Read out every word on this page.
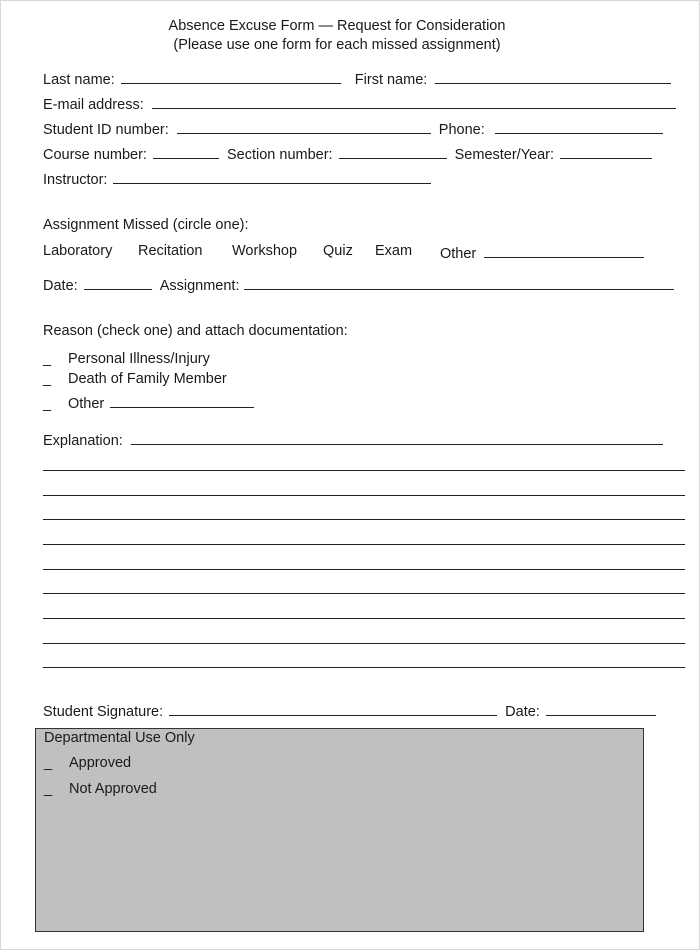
Absence Excuse Form — Request for Consideration
(Please use one form for each missed assignment)
Last name:	First name:
E-mail address:
Student ID number:	Phone:
Course number:	Section number:	Semester/Year:
Instructor:
Assignment Missed (circle one):
Laboratory Recitation Workshop Quiz Exam Other
Date:	Assignment:
Reason (check one) and attach documentation:
_ Personal Illness/Injury
_ Death of Family Member
_ Other
Explanation:
Student Signature:	Date:
Departmental Use Only
_ Approved
_ Not Approved
